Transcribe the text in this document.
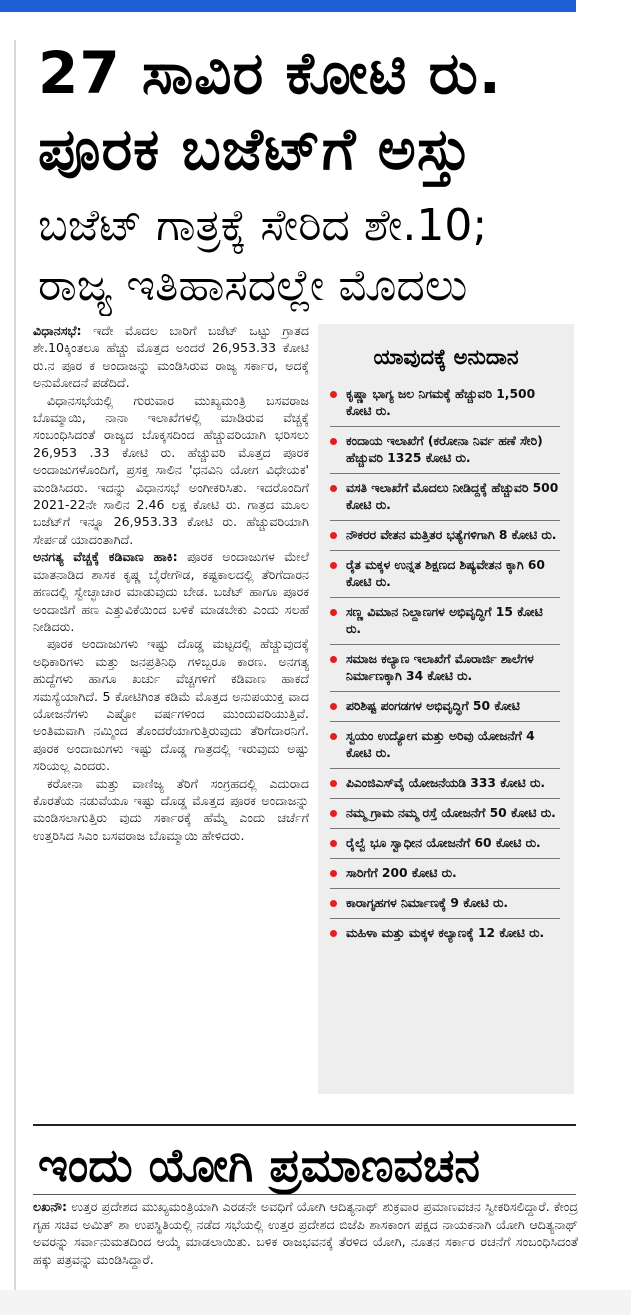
27 ಸಾವಿರ ಕೋಟಿ ರು.
ಪೂರಕ ಬಜೆಟ್‌ಗೆ ಅಸ್ತು
ಬಜೆಟ್ ಗಾತ್ರಕ್ಕೆ ಸೇರಿದ ಶೇ.10;
ರಾಜ್ಯ ಇತಿಹಾಸದಲ್ಲೇ ಮೊದಲು

ವಿಧಾನಸಭೆ: ಇದೇ ಮೊದಲ ಬಾರಿಗೆ ಬಜೆಟ್ ಒಟ್ಟು ಗ್ರಾತದ ಶೇ.10ಕ್ಕಿಂತಲೂ ಹೆಚ್ಚು ಮೊತ್ತದ ಅಂದರೆ 26,953.33 ಕೋಟಿ ರು.ನ ಪೂರ ಕ ಅಂದಾಜನ್ನು ಮಂಡಿಸಿರುವ ರಾಜ್ಯ ಸರ್ಕಾರ, ಅದಕ್ಕೆ ಅನುಮೋದನೆ ಪಡೆದಿದೆ.

ವಿಧಾನಸಭೆಯಲ್ಲಿ ಗುರುವಾರ ಮುಖ್ಯಮಂತ್ರಿ ಬಸವರಾಜ ಬೊಮ್ಮಾಯಿ, ನಾನಾ ಇಲಾಖೆಗಳಲ್ಲಿ ಮಾಡಿರುವ ವೆಚ್ಚಕ್ಕೆ ಸಂಬಂಧಿಸಿದಂತೆ ರಾಜ್ಯದ ಬೊಕ್ಕಸದಿಂದ ಹೆಚ್ಚುವರಿಯಾಗಿ ಭರಿಸಲು 26,953 .33 ಕೋಟಿ ರು. ಹೆಚ್ಚುವರಿ ಮೊತ್ತದ ಪೂರಕ ಅಂದಾಜುಗಳೊಂದಿಗೆ, ಪ್ರಸಕ್ತ ಸಾಲಿನ 'ಧನವಿನಿ ಯೋಗ ವಿಧೇಯಕ' ಮಂಡಿಸಿದರು. ಇದನ್ನು ವಿಧಾನಸಭೆ ಅಂಗೀಕರಿಸಿತು. ಇದರೊಂದಿಗೆ 2021-22ನೇ ಸಾಲಿನ 2.46 ಲಕ್ಷ ಕೋಟಿ ರು. ಗಾತ್ರದ ಮೂಲ ಬಜೆಟ್‌ಗೆ ಇನ್ನೂ 26,953.33 ಕೋಟಿ ರು. ಹೆಚ್ಚುವರಿಯಾಗಿ ಸೇರ್ಪಡೆ ಯಾದಂತಾಗಿದೆ.

ಅನಗತ್ಯ ವೆಚ್ಚಕ್ಕೆ ಕಡಿವಾಣ ಹಾಕಿ: ಪೂರಕ ಅಂದಾಜುಗಳ ಮೇಲೆ ಮಾತನಾಡಿದ ಶಾಸಕ ಕೃಷ್ಣ ಬೈರೇಗೌಡ, ಕಷ್ಟಕಾಲದಲ್ಲಿ ತೆರಿಗೆದಾರನ ಹಣದಲ್ಲಿ ಸ್ವೇಚ್ಛಾಚಾರ ಮಾಡುವುದು ಬೇಡ. ಬಜೆಟ್ ಹಾಗೂ ಪೂರಕ ಅಂದಾಜಿಗೆ ಹಣ ಎತ್ತುವಿಕೆಯಿಂದ ಬಳಿಕೆ ಮಾಡಬೇಕು ಎಂದು ಸಲಹೆ ನೀಡಿದರು.

ಪೂರಕ ಅಂದಾಜುಗಳು ಇಷ್ಟು ದೊಡ್ಡ ಮಟ್ಟದಲ್ಲಿ ಹೆಚ್ಚುವುದಕ್ಕೆ ಅಧಿಕಾರಿಗಳು ಮತ್ತು ಜನಪ್ರತಿನಿಧಿ ಗಳಿಬ್ಬರೂ ಕಾರಣ. ಅನಗತ್ಯ ಹುದ್ದೆಗಳು ಹಾಗೂ ಖರ್ಚು ವೆಚ್ಚಗಳಿಗೆ ಕಡಿವಾಣ ಹಾಕದೆ ಸಮಸ್ಯೆಯಾಗಿದೆ. 5 ಕೋಟಿಗಿಂತ ಕಡಿಮೆ ಮೊತ್ತದ ಅನುಪಯುಕ್ತ ವಾದ ಯೋಜನೆಗಳು ಎಷ್ಟೋ ವರ್ಷಗಳಿಂದ ಮುಂದುವರಿಯುತ್ತಿವೆ. ಅಂತಿಮವಾಗಿ ನಮ್ಮಿಂದ ತೊಂದರೆಯಾಗುತ್ತಿರುವುದು ತೆರಿಗೆದಾರನಿಗೆ. ಪೂರಕ ಅಂದಾಜುಗಳು ಇಷ್ಟು ದೊಡ್ಡ ಗಾತ್ರದಲ್ಲಿ ಇರುವುದು ಅಷ್ಟು ಸರಿಯಲ್ಲ ಎಂದರು.

ಕರೋನಾ ಮತ್ತು ವಾಣಿಜ್ಯ ತೆರಿಗೆ ಸಂಗ್ರಹದಲ್ಲಿ ಎದುರಾದ ಕೊರತೆಯ ನಡುವೆಯೂ ಇಷ್ಟು ದೊಡ್ಡ ಮೊತ್ತದ ಪೂರಕ ಅಂದಾಜನ್ನು ಮಂಡಿಸಲಾಗುತ್ತಿರು ವುದು ಸರ್ಕಾರಕ್ಕೆ ಹೆಮ್ಮೆ ಎಂದು ಚರ್ಚೆಗೆ ಉತ್ತರಿಸಿದ ಸಿಎಂ ಬಸವರಾಜ ಬೊಮ್ಮಾಯಿ ಹೇಳಿದರು.

ಯಾವುದಕ್ಕೆ ಅನುದಾನ
ಕೃಷ್ಣಾ ಭಾಗ್ಯ ಜಲ ನಿಗಮಕ್ಕೆ ಹೆಚ್ಚುವರಿ 1,500 ಕೋಟಿ ರು.
ಕಂದಾಯ ಇಲಾಖೆಗೆ (ಕರೋನಾ ನಿರ್ವ ಹಣೆ ಸೇರಿ) ಹೆಚ್ಚುವರಿ 1325 ಕೋಟಿ ರು.
ವಸತಿ ಇಲಾಖೆಗೆ ಮೊದಲು ನೀಡಿದ್ದಕ್ಕೆ ಹೆಚ್ಚುವರಿ 500 ಕೋಟಿ ರು.
ನೌಕರರ ವೇತನ ಮತ್ತಿತರ ಭತ್ಯೆಗಳಿಗಾಗಿ 8 ಕೋಟಿ ರು.
ರೈತ ಮಕ್ಕಳ ಉನ್ನತ ಶಿಕ್ಷಣದ ಶಿಷ್ಯವೇತನ ಕ್ಕಾಗಿ 60 ಕೋಟಿ ರು.
ಸಣ್ಣ ವಿಮಾನ ನಿಲ್ದಾಣಗಳ ಅಭಿವೃದ್ಧಿಗೆ 15 ಕೋಟಿ ರು.
ಸಮಾಜ ಕಲ್ಯಾಣ ಇಲಾಖೆಗೆ ಮೊರಾರ್ಜಿ ಶಾಲೆಗಳ ನಿರ್ಮಾಣಕ್ಕಾಗಿ 34 ಕೋಟಿ ರು.
ಪರಿಶಿಷ್ಟ ಪಂಗಡಗಳ ಅಭಿವೃದ್ಧಿಗೆ 50 ಕೋಟಿ
ಸ್ವಯಂ ಉದ್ಯೋಗ ಮತ್ತು ಅರಿವು ಯೋಜನೆಗೆ 4 ಕೋಟಿ ರು.
ಪಿಎಂಜಿಎಸ್‌ವೈ ಯೋಜನೆಯಡಿ 333 ಕೋಟಿ ರು.
ನಮ್ಮ ಗ್ರಾಮ ನಮ್ಮ ರಸ್ತೆ ಯೋಜನೆಗೆ 50 ಕೋಟಿ ರು.
ರೈಲ್ವೆ ಭೂ ಸ್ವಾಧೀನ ಯೋಜನೆಗೆ 60 ಕೋಟಿ ರು.
ಸಾರಿಗೆಗೆ 200 ಕೋಟಿ ರು.
ಕಾರಾಗೃಹಗಳ ನಿರ್ಮಾಣಕ್ಕೆ 9 ಕೋಟಿ ರು.
ಮಹಿಳಾ ಮತ್ತು ಮಕ್ಕಳ ಕಲ್ಯಾಣಕ್ಕೆ 12 ಕೋಟಿ ರು.
ಇಂದು ಯೋಗಿ ಪ್ರಮಾಣವಚನ
ಲಖನೌ: ಉತ್ತರ ಪ್ರದೇಶದ ಮುಖ್ಯಮಂತ್ರಿಯಾಗಿ ಎರಡನೇ ಅವಧಿಗೆ ಯೋಗಿ ಆದಿತ್ಯನಾಥ್ ಶುಕ್ರವಾರ ಪ್ರಮಾಣವಚನ ಸ್ವೀಕರಿಸಲಿದ್ದಾರೆ. ಕೇಂದ್ರ ಗೃಹ ಸಚಿವ ಅಮಿತ್ ಶಾ ಉಪಸ್ಥಿತಿಯಲ್ಲಿ ನಡೆದ ಸಭೆಯಲ್ಲಿ ಉತ್ತರ ಪ್ರದೇಶದ ಬಿಜೆಪಿ ಶಾಸಕಾಂಗ ಪಕ್ಷದ ನಾಯಕನಾಗಿ ಯೋಗಿ ಆದಿತ್ಯನಾಥ್ ಅವರನ್ನು ಸರ್ವಾನುಮತದಿಂದ ಆಯ್ಕೆ ಮಾಡಲಾಯಿತು. ಬಳಿಕ ರಾಜಭವನಕ್ಕೆ ತೆರಳಿದ ಯೋಗಿ, ನೂತನ ಸರ್ಕಾರ ರಚನೆಗೆ ಸಂಬಂಧಿಸಿದಂತೆ ಹಕ್ಕು ಪತ್ರವನ್ನು ಮಂಡಿಸಿದ್ದಾರೆ.
